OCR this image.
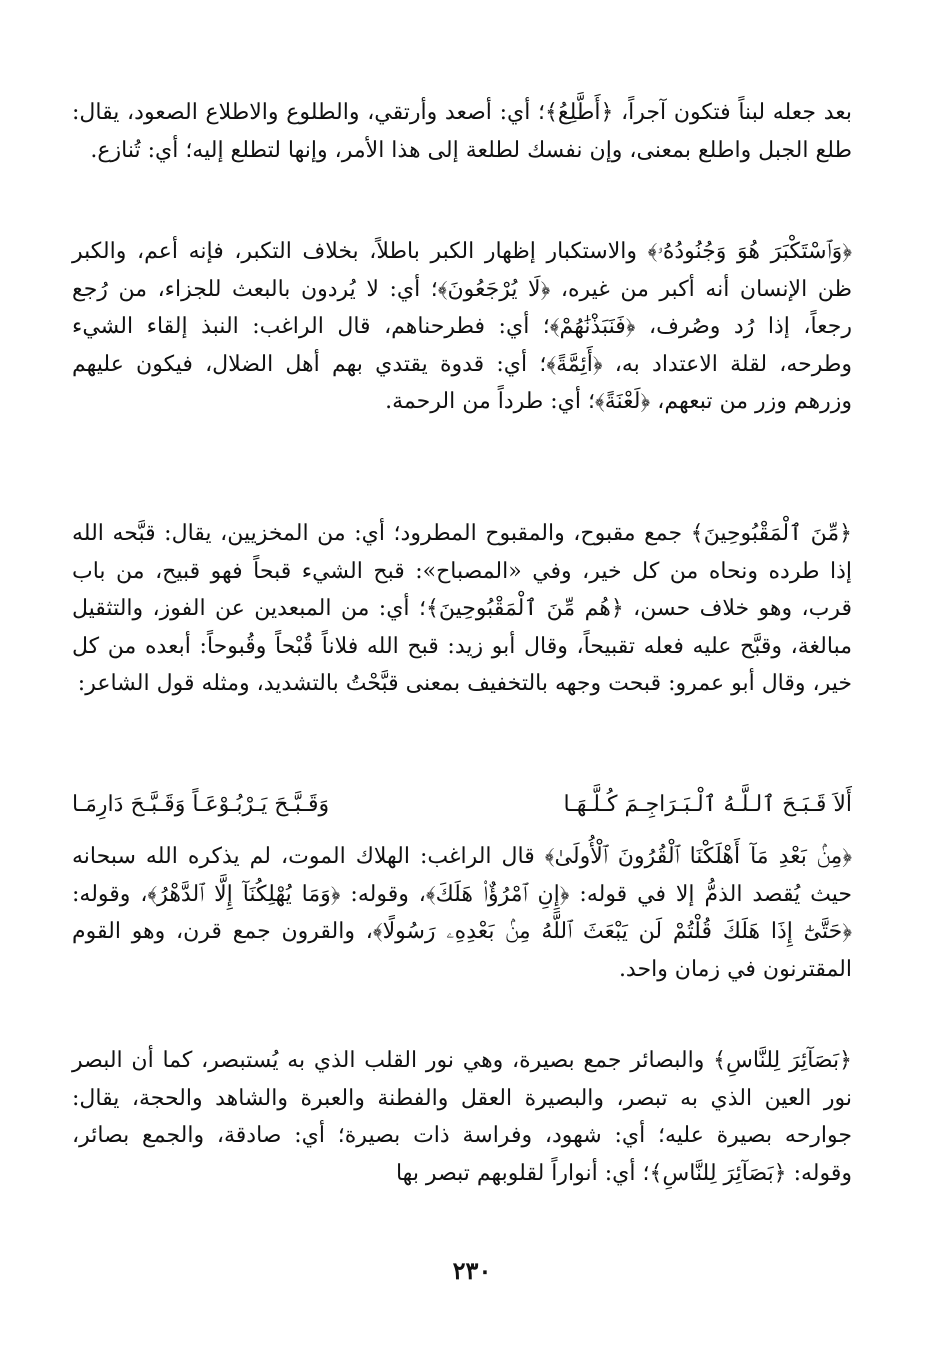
بعد جعله لبناً فتكون آجراً، ﴿أَطَّلِعُ﴾؛ أي: أصعد وأرتقي، والطلوع والاطلاع الصعود، يقال: طلع الجبل واطلع بمعنى، وإن نفسك لطلعة إلى هذا الأمر، وإنها لتطلع إليه؛ أي: تُنازع.

﴿وَٱسْتَكْبَرَ هُوَ وَجُنُودُهُۥ﴾ والاستكبار إظهار الكبر باطلاً، بخلاف التكبر، فإنه أعم، والكبر ظن الإنسان أنه أكبر من غيره، ﴿لَا يُرْجَعُونَ﴾؛ أي: لا يُردون بالبعث للجزاء، من رُجع رجعاً، إذا رُد وصُرف، ﴿فَنَبَذْنَٰهُمْ﴾؛ أي: فطرحناهم، قال الراغب: النبذ إلقاء الشيء وطرحه، لقلة الاعتداد به، ﴿أَئِمَّةً﴾؛ أي: قدوة يقتدي بهم أهل الضلال، فيكون عليهم وزرهم وزر من تبعهم، ﴿لَعْنَةً﴾؛ أي: طرداً من الرحمة.

﴿مِّنَ ٱلْمَقْبُوحِينَ﴾ جمع مقبوح، والمقبوح المطرود؛ أي: من المخزيين، يقال: قبَّحه الله إذا طرده ونحاه من كل خير، وفي «المصباح»: قبح الشيء قبحاً فهو قبيح، من باب قرب، وهو خلاف حسن، ﴿هُم مِّنَ ٱلْمَقْبُوحِينَ﴾؛ أي: من المبعدين عن الفوز، والتثقيل مبالغة، وقبَّح عليه فعله تقبيحاً، وقال أبو زيد: قبح الله فلاناً قُبْحاً وقُبوحاً: أبعده من كل خير، وقال أبو عمرو: قبحت وجهه بالتخفيف بمعنى قبَّحْتُ بالتشديد، ومثله قول الشاعر:

أَلاَ قَـبَـحَ ٱلـلَّـهُ ٱلْـبَـرَاجِـمَ كُـلَّـهَـا
وَقَـبَّـحَ يَـرْبُـوْعَـاً وَقَـبَّـحَ دَارِمَـا

﴿مِنۢ بَعْدِ مَآ أَهْلَكْنَا ٱلْقُرُونَ ٱلْأُولَىٰ﴾ قال الراغب: الهلاك الموت، لم يذكره الله سبحانه حيث يُقصد الذمُّ إلا في قوله: ﴿إِنِ ٱمْرُؤٌا۟ هَلَكَ﴾، وقوله: ﴿وَمَا يُهْلِكُنَآ إِلَّا ٱلدَّهْرُ﴾، وقوله: ﴿حَتَّىٰٓ إِذَا هَلَكَ قُلْتُمْ لَن يَبْعَثَ ٱللَّهُ مِنۢ بَعْدِهِۦ رَسُولًا﴾، والقرون جمع قرن، وهو القوم المقترنون في زمان واحد.

﴿بَصَآئِرَ لِلنَّاسِ﴾ والبصائر جمع بصيرة، وهي نور القلب الذي به يُستبصر، كما أن البصر نور العين الذي به تبصر، والبصيرة العقل والفطنة والعبرة والشاهد والحجة، يقال: جوارحه بصيرة عليه؛ أي: شهود، وفراسة ذات بصيرة؛ أي: صادقة، والجمع بصائر، وقوله: ﴿بَصَآئِرَ لِلنَّاسِ﴾؛ أي: أنواراً لقلوبهم تبصر بها

٢٣٠
